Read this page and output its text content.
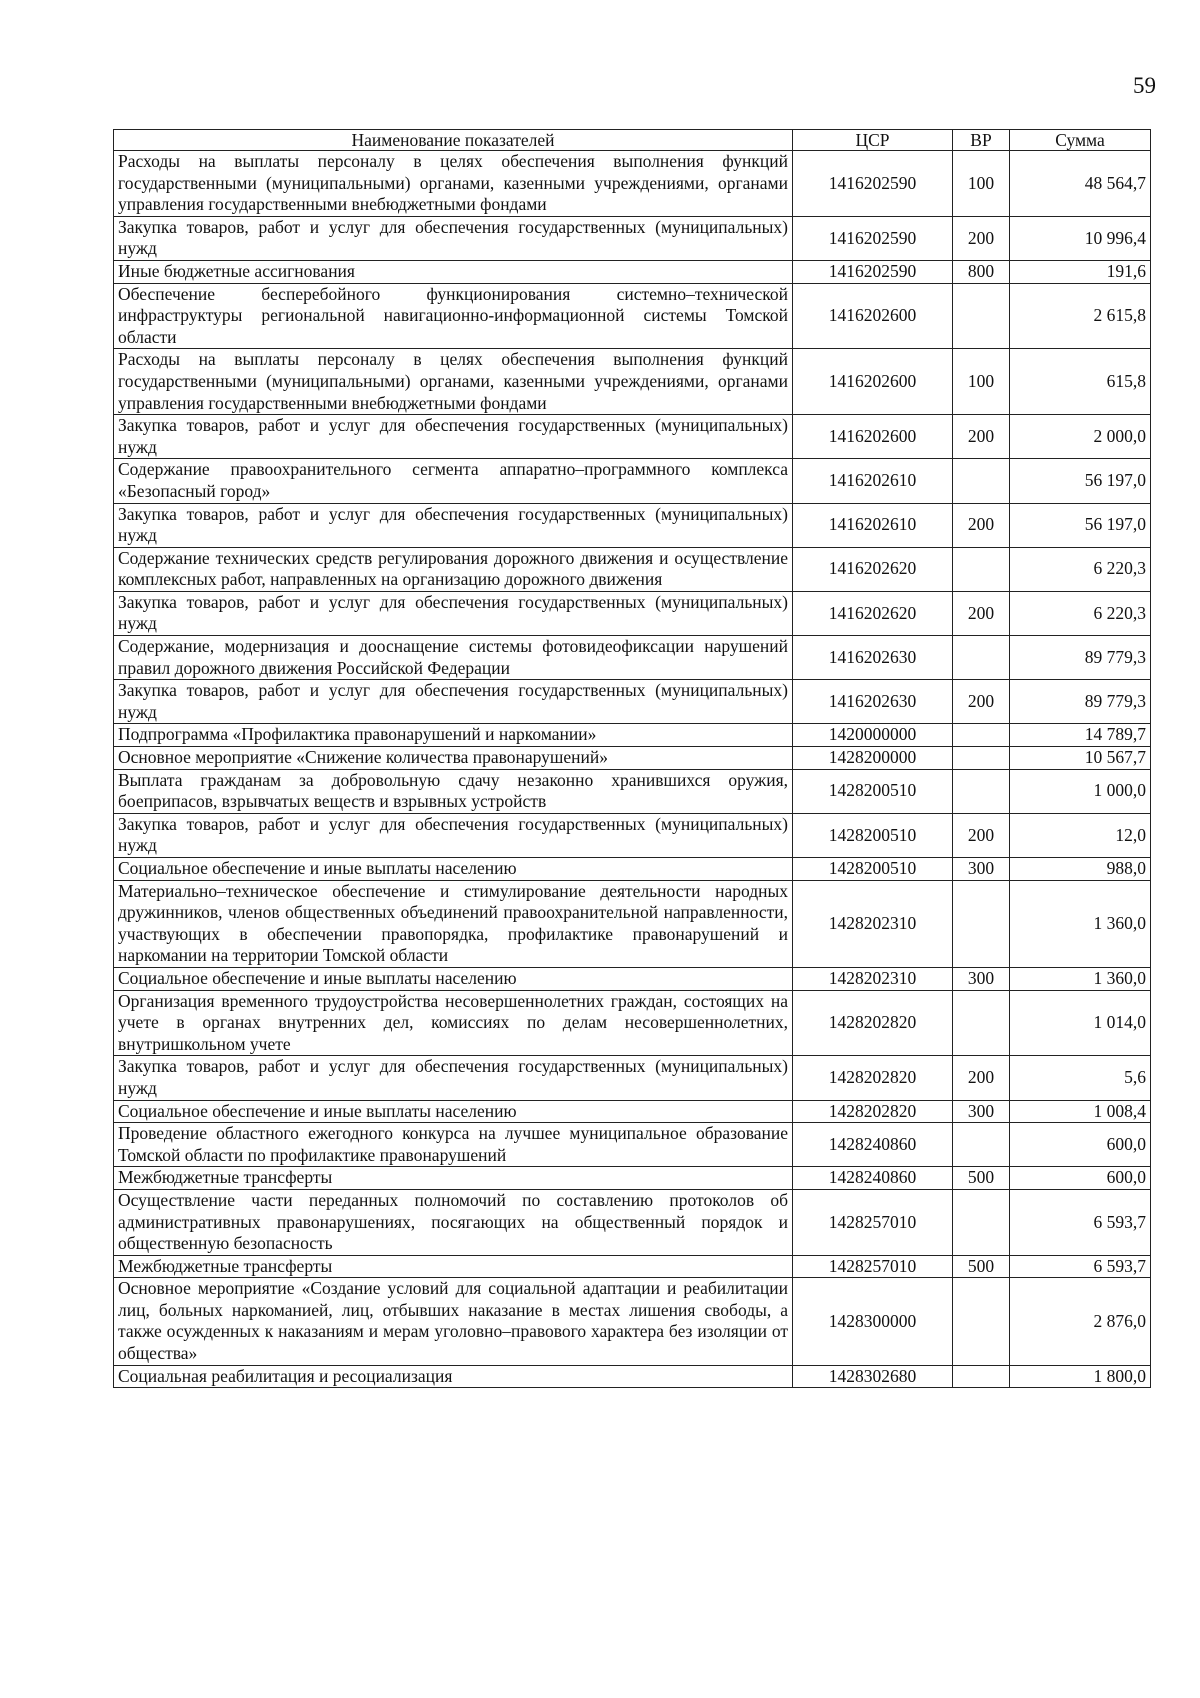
59
Наименование показателей	ЦСР	ВР	Сумма
Расходы на выплаты персоналу в целях обеспечения выполнения функций государственными (муниципальными) органами, казенными учреждениями, органами управления государственными внебюджетными фондами	1416202590	100	48 564,7
Закупка товаров, работ и услуг для обеспечения государственных (муниципальных) нужд	1416202590	200	10 996,4
Иные бюджетные ассигнования	1416202590	800	191,6
Обеспечение бесперебойного функционирования системно–технической инфраструктуры региональной навигационно-информационной системы Томской области	1416202600		2 615,8
Расходы на выплаты персоналу в целях обеспечения выполнения функций государственными (муниципальными) органами, казенными учреждениями, органами управления государственными внебюджетными фондами	1416202600	100	615,8
Закупка товаров, работ и услуг для обеспечения государственных (муниципальных) нужд	1416202600	200	2 000,0
Содержание правоохранительного сегмента аппаратно–программного комплекса «Безопасный город»	1416202610		56 197,0
Закупка товаров, работ и услуг для обеспечения государственных (муниципальных) нужд	1416202610	200	56 197,0
Содержание технических средств регулирования дорожного движения и осуществление комплексных работ, направленных на организацию дорожного движения	1416202620		6 220,3
Закупка товаров, работ и услуг для обеспечения государственных (муниципальных) нужд	1416202620	200	6 220,3
Содержание, модернизация и дооснащение системы фотовидеофиксации нарушений правил дорожного движения Российской Федерации	1416202630		89 779,3
Закупка товаров, работ и услуг для обеспечения государственных (муниципальных) нужд	1416202630	200	89 779,3
Подпрограмма «Профилактика правонарушений и наркомании»	1420000000		14 789,7
Основное мероприятие «Снижение количества правонарушений»	1428200000		10 567,7
Выплата гражданам за добровольную сдачу незаконно хранившихся оружия, боеприпасов, взрывчатых веществ и взрывных устройств	1428200510		1 000,0
Закупка товаров, работ и услуг для обеспечения государственных (муниципальных) нужд	1428200510	200	12,0
Социальное обеспечение и иные выплаты населению	1428200510	300	988,0
Материально–техническое обеспечение и стимулирование деятельности народных дружинников, членов общественных объединений правоохранительной направленности, участвующих в обеспечении правопорядка, профилактике правонарушений и наркомании на территории Томской области	1428202310		1 360,0
Социальное обеспечение и иные выплаты населению	1428202310	300	1 360,0
Организация временного трудоустройства несовершеннолетних граждан, состоящих на учете в органах внутренних дел, комиссиях по делам несовершеннолетних, внутришкольном учете	1428202820		1 014,0
Закупка товаров, работ и услуг для обеспечения государственных (муниципальных) нужд	1428202820	200	5,6
Социальное обеспечение и иные выплаты населению	1428202820	300	1 008,4
Проведение областного ежегодного конкурса на лучшее муниципальное образование Томской области по профилактике правонарушений	1428240860		600,0
Межбюджетные трансферты	1428240860	500	600,0
Осуществление части переданных полномочий по составлению протоколов об административных правонарушениях, посягающих на общественный порядок и общественную безопасность	1428257010		6 593,7
Межбюджетные трансферты	1428257010	500	6 593,7
Основное мероприятие «Создание условий для социальной адаптации и реабилитации лиц, больных наркоманией, лиц, отбывших наказание в местах лишения свободы, а также осужденных к наказаниям и мерам уголовно–правового характера без изоляции от общества»	1428300000		2 876,0
Социальная реабилитация и ресоциализация	1428302680		1 800,0
